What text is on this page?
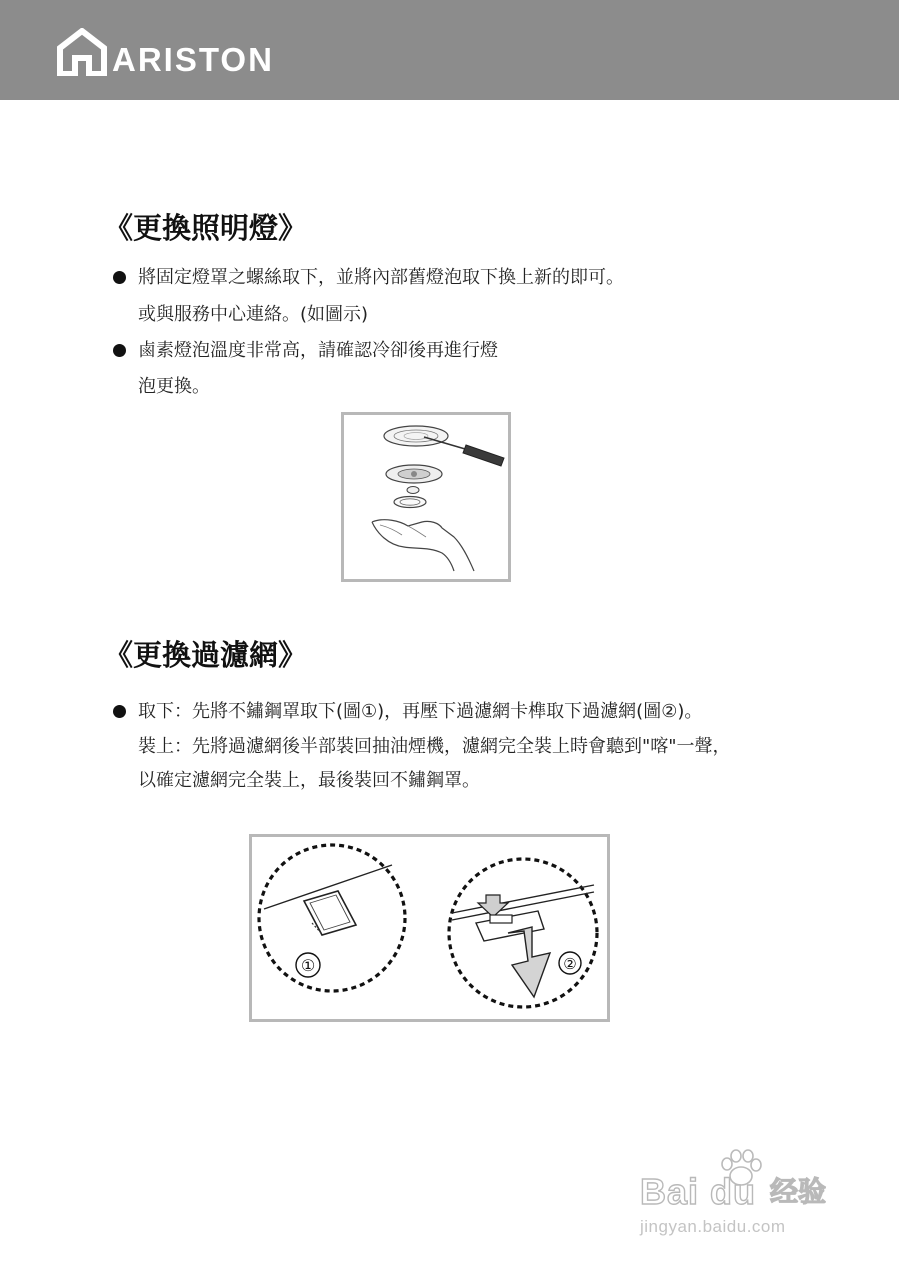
ARISTON
《更換照明燈》
將固定燈罩之螺絲取下，並將內部舊燈泡取下換上新的即可。
或與服務中心連絡。(如圖示)
鹵素燈泡溫度非常高，請確認冷卻後再進行燈
泡更換。
《更換過濾網》
取下：先將不鏽鋼罩取下(圖①)，再壓下過濾網卡榫取下過濾網(圖②)。
裝上：先將過濾網後半部裝回抽油煙機，濾網完全裝上時會聽到"喀"一聲，
以確定濾網完全裝上，最後裝回不鏽鋼罩。
①	②
Bai du 经验
jingyan.baidu.com
